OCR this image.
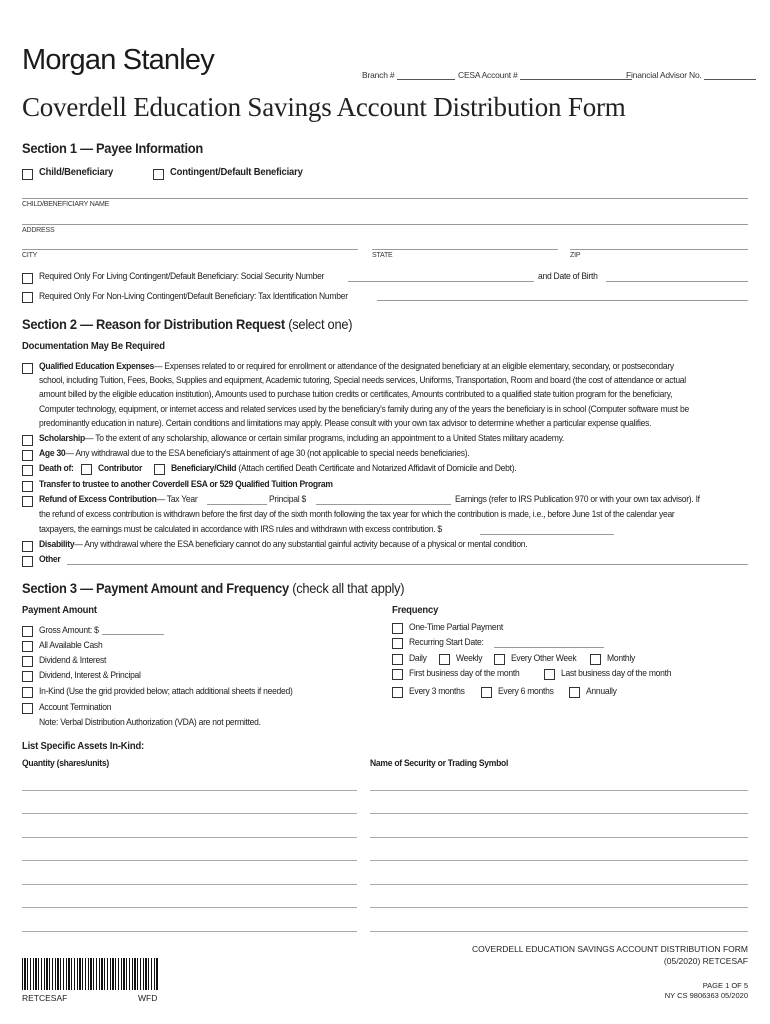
Morgan Stanley	Branch #	CESA Account #	Financial Advisor No.
Coverdell Education Savings Account Distribution Form
Section 1 — Payee Information
Child/Beneficiary	Contingent/Default Beneficiary
CHILD/BENEFICIARY NAME
ADDRESS
CITY	STATE	ZIP
Required Only For Living Contingent/Default Beneficiary: Social Security Number	and Date of Birth
Required Only For Non-Living Contingent/Default Beneficiary: Tax Identification Number
Section 2 — Reason for Distribution Request (select one)
Documentation May Be Required

Qualified Education Expenses— Expenses related to or required for enrollment or attendance of the designated beneficiary at an eligible elementary, secondary, or postsecondary

school, including Tuition, Fees, Books, Supplies and equipment, Academic tutoring, Special needs services, Uniforms, Transportation, Room and board (the cost of attendance or actual

amount billed by the eligible education institution), Amounts used to purchase tuition credits or certificates, Amounts contributed to a qualified state tuition program for the beneficiary,

Computer technology, equipment, or internet access and related services used by the beneficiary's family during any of the years the beneficiary is in school (Computer software must be

predominantly education in nature). Certain conditions and limitations may apply. Please consult with your own tax advisor to determine whether a particular expense qualifies.

Scholarship— To the extent of any scholarship, allowance or certain similar programs, including an appointment to a United States military academy.
Age 30— Any withdrawal due to the ESA beneficiary's attainment of age 30 (not applicable to special needs beneficiaries).
Death of:	Contributor	Beneficiary/Child (Attach certified Death Certificate and Notarized Affidavit of Domicile and Debt).
Transfer to trustee to another Coverdell ESA or 529 Qualified Tuition Program
Refund of Excess Contribution— Tax Year	Principal $	Earnings (refer to IRS Publication 970 or with your own tax advisor). If
the refund of excess contribution is withdrawn before the first day of the sixth month following the tax year for which the contribution is made, i.e., before June 1st of the calendar year
taxpayers, the earnings must be calculated in accordance with IRS rules and withdrawn with excess contribution. $
Disability— Any withdrawal where the ESA beneficiary cannot do any substantial gainful activity because of a physical or mental condition.
Other
Section 3 — Payment Amount and Frequency (check all that apply)
Payment Amount
Gross Amount: $
All Available Cash
Dividend & Interest
Dividend, Interest & Principal
In-Kind (Use the grid provided below; attach additional sheets if needed)
Account Termination
Note: Verbal Distribution Authorization (VDA) are not permitted.
Frequency
One-Time Partial Payment
Recurring Start Date:
Daily	Weekly	Every Other Week	Monthly
First business day of the month	Last business day of the month
Every 3 months	Every 6 months	Annually
List Specific Assets In-Kind:
Quantity (shares/units)	Name of Security or Trading Symbol
COVERDELL EDUCATION SAVINGS ACCOUNT DISTRIBUTION FORM
(05/2020) RETCESAF
PAGE 1 OF 5
NY CS 9806363 05/2020
RETCESAF	WFD
